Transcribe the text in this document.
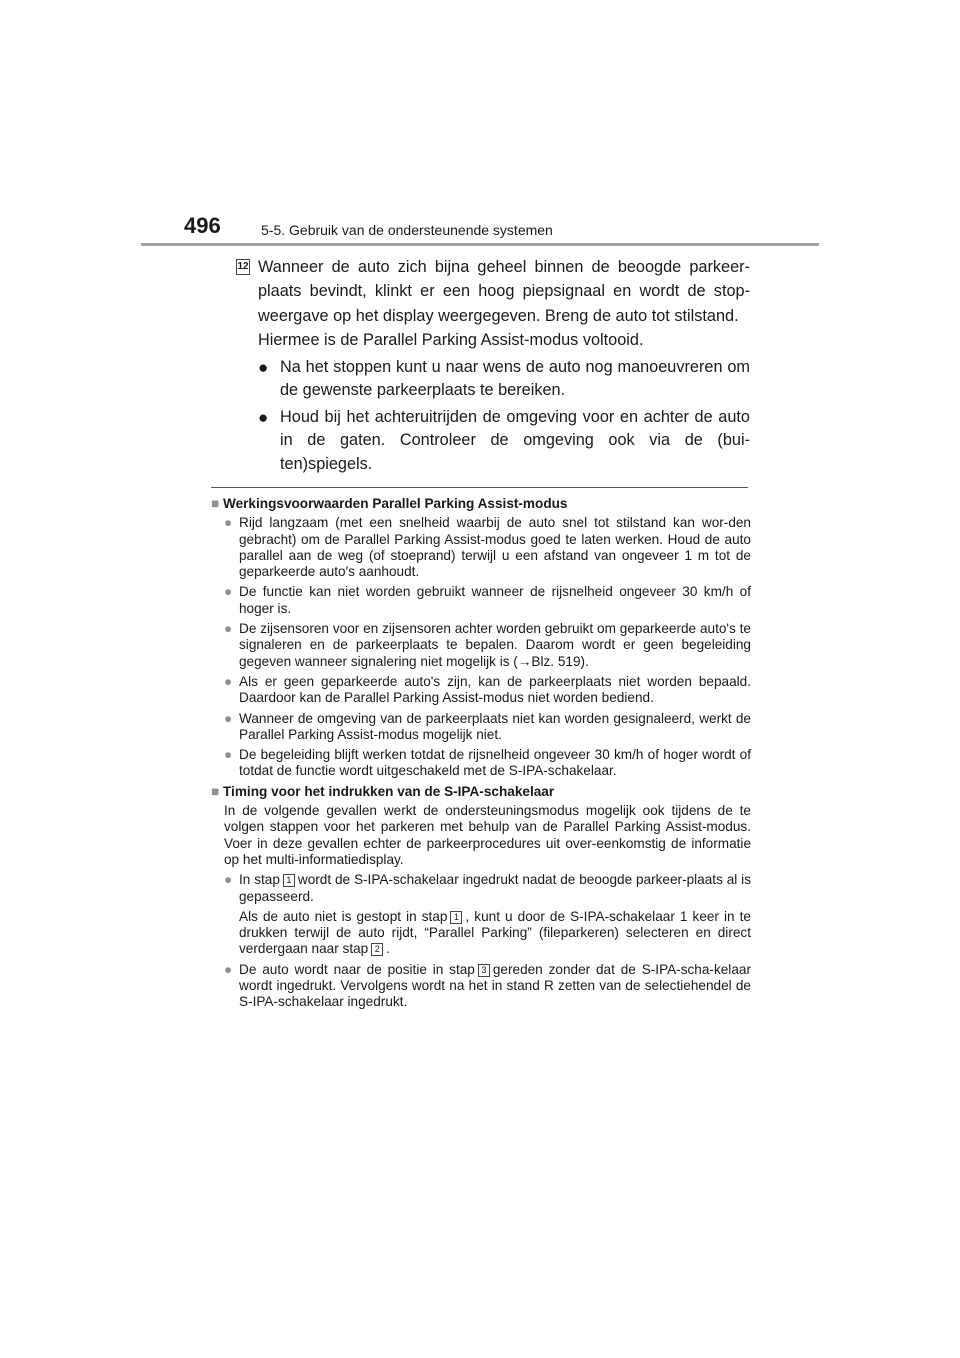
496	5-5. Gebruik van de ondersteunende systemen
12 Wanneer de auto zich bijna geheel binnen de beoogde parkeer-plaats bevindt, klinkt er een hoog piepsignaal en wordt de stop-weergave op het display weergegeven. Breng de auto tot stilstand.

Hiermee is de Parallel Parking Assist-modus voltooid.

● Na het stoppen kunt u naar wens de auto nog manoeuvreren om de gewenste parkeerplaats te bereiken.
● Houd bij het achteruitrijden de omgeving voor en achter de auto in de gaten. Controleer de omgeving ook via de (bui-ten)spiegels.
■ Werkingsvoorwaarden Parallel Parking Assist-modus
● Rijd langzaam (met een snelheid waarbij de auto snel tot stilstand kan wor-den gebracht) om de Parallel Parking Assist-modus goed te laten werken. Houd de auto parallel aan de weg (of stoeprand) terwijl u een afstand van ongeveer 1 m tot de geparkeerde auto's aanhoudt.
● De functie kan niet worden gebruikt wanneer de rijsnelheid ongeveer 30 km/h of hoger is.
● De zijsensoren voor en zijsensoren achter worden gebruikt om geparkeerde auto's te signaleren en de parkeerplaats te bepalen. Daarom wordt er geen begeleiding gegeven wanneer signalering niet mogelijk is (→Blz. 519).
● Als er geen geparkeerde auto's zijn, kan de parkeerplaats niet worden bepaald. Daardoor kan de Parallel Parking Assist-modus niet worden bediend.
● Wanneer de omgeving van de parkeerplaats niet kan worden gesignaleerd, werkt de Parallel Parking Assist-modus mogelijk niet.
● De begeleiding blijft werken totdat de rijsnelheid ongeveer 30 km/h of hoger wordt of totdat de functie wordt uitgeschakeld met de S-IPA-schakelaar.
■ Timing voor het indrukken van de S-IPA-schakelaar

In de volgende gevallen werkt de ondersteuningsmodus mogelijk ook tijdens de te volgen stappen voor het parkeren met behulp van de Parallel Parking Assist-modus. Voer in deze gevallen echter de parkeerprocedures uit over-eenkomstig de informatie op het multi-informatiedisplay.

● In stap 1 wordt de S-IPA-schakelaar ingedrukt nadat de beoogde parkeer-plaats al is gepasseerd.
Als de auto niet is gestopt in stap 1 , kunt u door de S-IPA-schakelaar 1 keer in te drukken terwijl de auto rijdt, “Parallel Parking” (fileparkeren) selecteren en direct verdergaan naar stap 2 .
● De auto wordt naar de positie in stap 3 gereden zonder dat de S-IPA-scha-kelaar wordt ingedrukt. Vervolgens wordt na het in stand R zetten van de selectiehendel de S-IPA-schakelaar ingedrukt.
